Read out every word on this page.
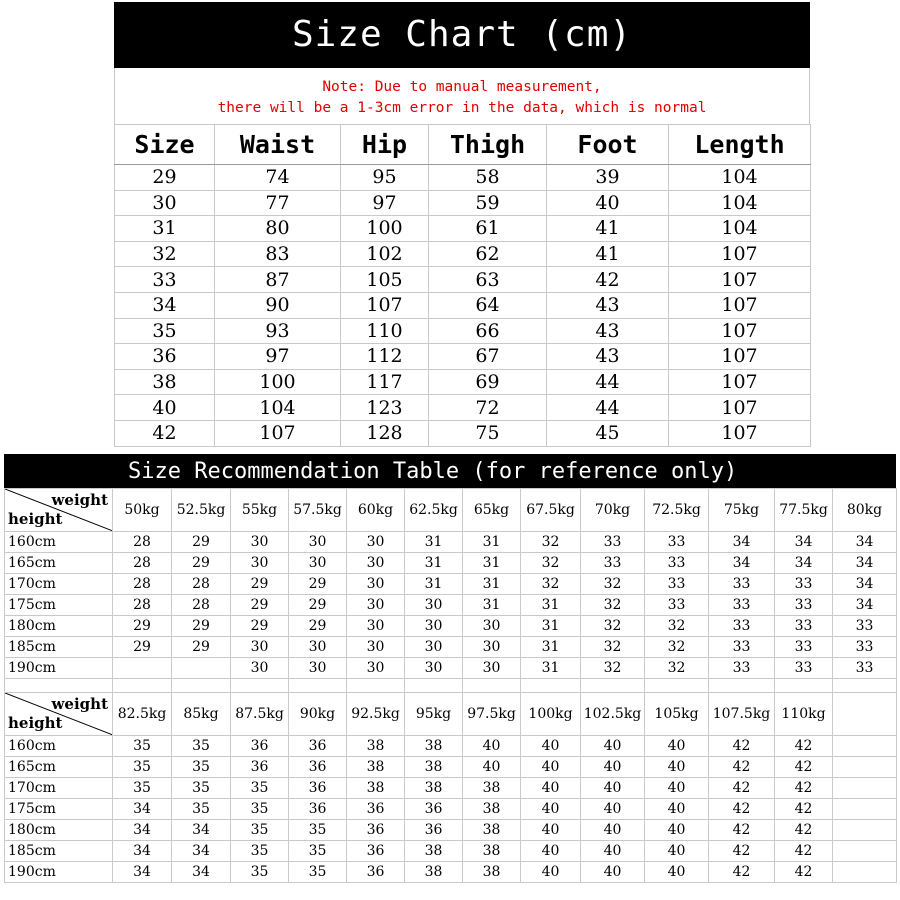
Size Chart (cm)
Note: Due to manual measurement,
there will be a 1-3cm error in the data, which is normal
Size	Waist	Hip	Thigh	Foot	Length
29	74	95	58	39	104
30	77	97	59	40	104
31	80	100	61	41	104
32	83	102	62	41	107
33	87	105	63	42	107
34	90	107	64	43	107
35	93	110	66	43	107
36	97	112	67	43	107
38	100	117	69	44	107
40	104	123	72	44	107
42	107	128	75	45	107
Size Recommendation Table (for reference only)
weight
height	50kg	52.5kg	55kg	57.5kg	60kg	62.5kg	65kg	67.5kg	70kg	72.5kg	75kg	77.5kg	80kg
160cm	28	29	30	30	30	31	31	32	33	33	34	34	34
165cm	28	29	30	30	30	31	31	32	33	33	34	34	34
170cm	28	28	29	29	30	31	31	32	32	33	33	33	34
175cm	28	28	29	29	30	30	31	31	32	33	33	33	34
180cm	29	29	29	29	30	30	30	31	32	32	33	33	33
185cm	29	29	30	30	30	30	30	31	32	32	33	33	33
190cm			30	30	30	30	30	31	32	32	33	33	33

weight
height	82.5kg	85kg	87.5kg	90kg	92.5kg	95kg	97.5kg	100kg	102.5kg	105kg	107.5kg	110kg	
160cm	35	35	36	36	38	38	40	40	40	40	42	42	
165cm	35	35	36	36	38	38	40	40	40	40	42	42	
170cm	35	35	35	36	38	38	38	40	40	40	42	42	
175cm	34	35	35	36	36	36	38	40	40	40	42	42	
180cm	34	34	35	35	36	36	38	40	40	40	42	42	
185cm	34	34	35	35	36	38	38	40	40	40	42	42	
190cm	34	34	35	35	36	38	38	40	40	40	42	42	
